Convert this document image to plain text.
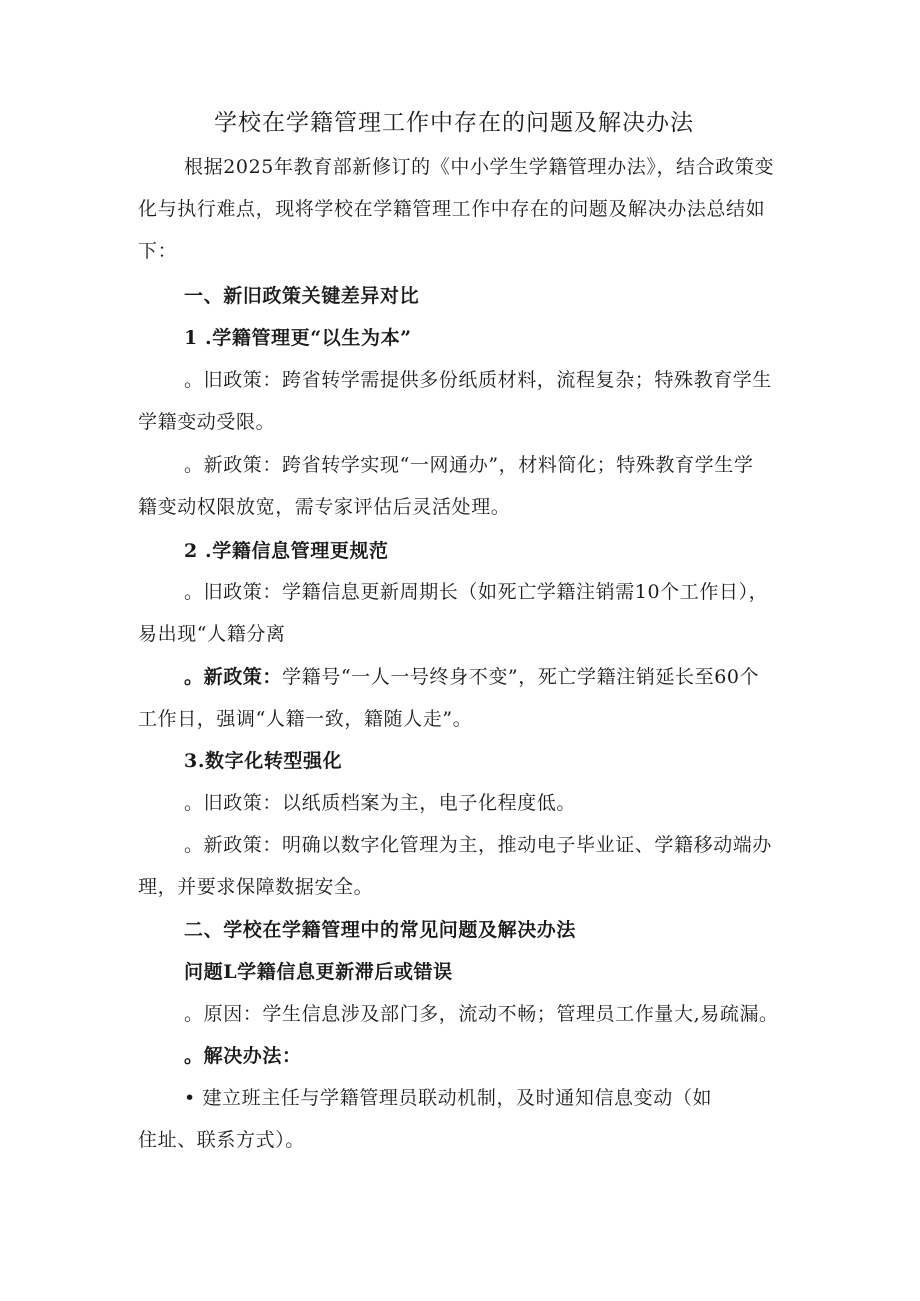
学校在学籍管理工作中存在的问题及解决办法

根据2025年教育部新修订的《中小学生学籍管理办法》，结合政策变

化与执行难点，现将学校在学籍管理工作中存在的问题及解决办法总结如

下：

一、新旧政策关键差异对比

1 .学籍管理更“以生为本”

。旧政策：跨省转学需提供多份纸质材料，流程复杂；特殊教育学生

学籍变动受限。

。新政策：跨省转学实现“一网通办”，材料简化；特殊教育学生学

籍变动权限放宽，需专家评估后灵活处理。

2 .学籍信息管理更规范

。旧政策：学籍信息更新周期长（如死亡学籍注销需10个工作日），

易出现“人籍分离

。新政策：学籍号“一人一号终身不变”，死亡学籍注销延长至60个

工作日，强调“人籍一致，籍随人走”。

3.数字化转型强化

。旧政策：以纸质档案为主，电子化程度低。

。新政策：明确以数字化管理为主，推动电子毕业证、学籍移动端办

理，并要求保障数据安全。

二、学校在学籍管理中的常见问题及解决办法

问题L学籍信息更新滞后或错误

。原因：学生信息涉及部门多，流动不畅；管理员工作量大,易疏漏。

。解决办法：

• 建立班主任与学籍管理员联动机制，及时通知信息变动（如

住址、联系方式）。
